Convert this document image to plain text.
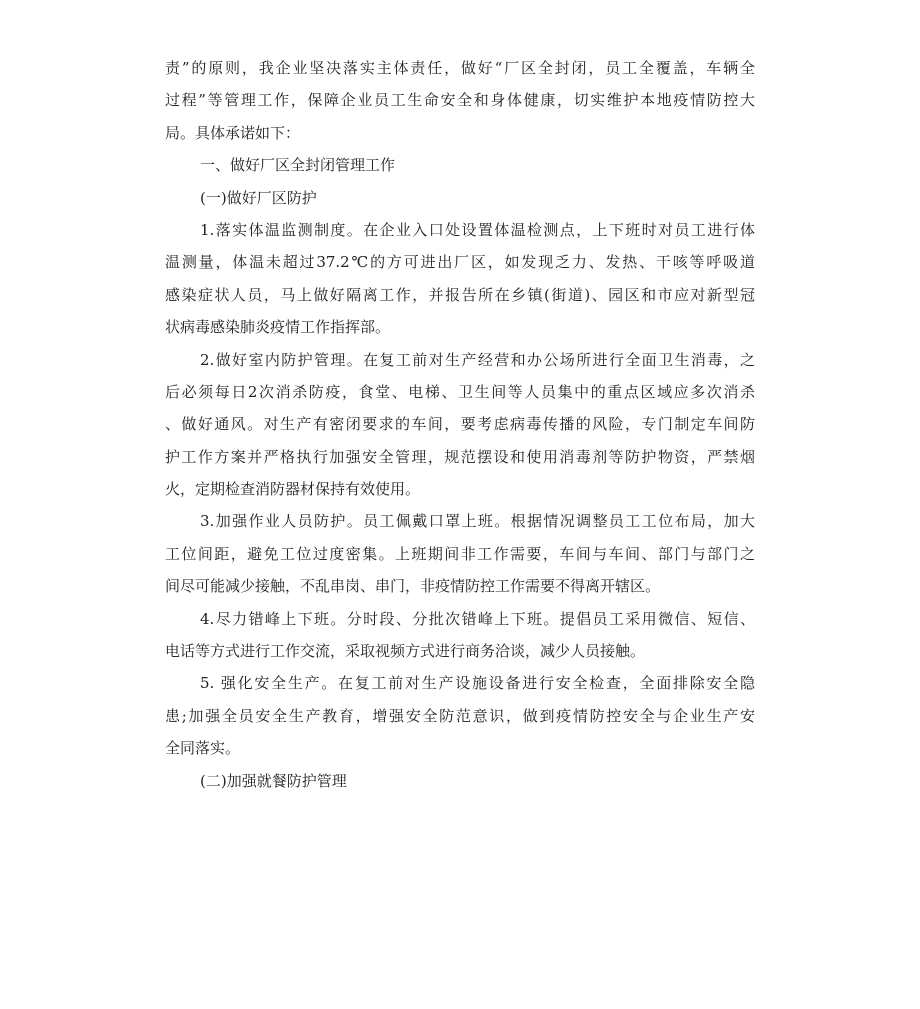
责”的原则，我企业坚决落实主体责任，做好“厂区全封闭，员工全覆盖，车辆全
过程”等管理工作，保障企业员工生命安全和身体健康，切实维护本地疫情防控大
局。具体承诺如下：
一、做好厂区全封闭管理工作
(一)做好厂区防护
1.落实体温监测制度。在企业入口处设置体温检测点，上下班时对员工进行体
温测量，体温未超过37.2℃的方可进出厂区，如发现乏力、发热、干咳等呼吸道
感染症状人员，马上做好隔离工作，并报告所在乡镇(街道)、园区和市应对新型冠
状病毒感染肺炎疫情工作指挥部。
2.做好室内防护管理。在复工前对生产经营和办公场所进行全面卫生消毒，之
后必须每日2次消杀防疫，食堂、电梯、卫生间等人员集中的重点区域应多次消杀
、做好通风。对生产有密闭要求的车间，要考虑病毒传播的风险，专门制定车间防
护工作方案并严格执行加强安全管理，规范摆设和使用消毒剂等防护物资，严禁烟
火，定期检查消防器材保持有效使用。
3.加强作业人员防护。员工佩戴口罩上班。根据情况调整员工工位布局，加大
工位间距，避免工位过度密集。上班期间非工作需要，车间与车间、部门与部门之
间尽可能减少接触，不乱串岗、串门，非疫情防控工作需要不得离开辖区。
4.尽力错峰上下班。分时段、分批次错峰上下班。提倡员工采用微信、短信、
电话等方式进行工作交流，采取视频方式进行商务洽谈，减少人员接触。
5. 强化安全生产。在复工前对生产设施设备进行安全检查，全面排除安全隐
患;加强全员安全生产教育，增强安全防范意识，做到疫情防控安全与企业生产安
全同落实。
(二)加强就餐防护管理
